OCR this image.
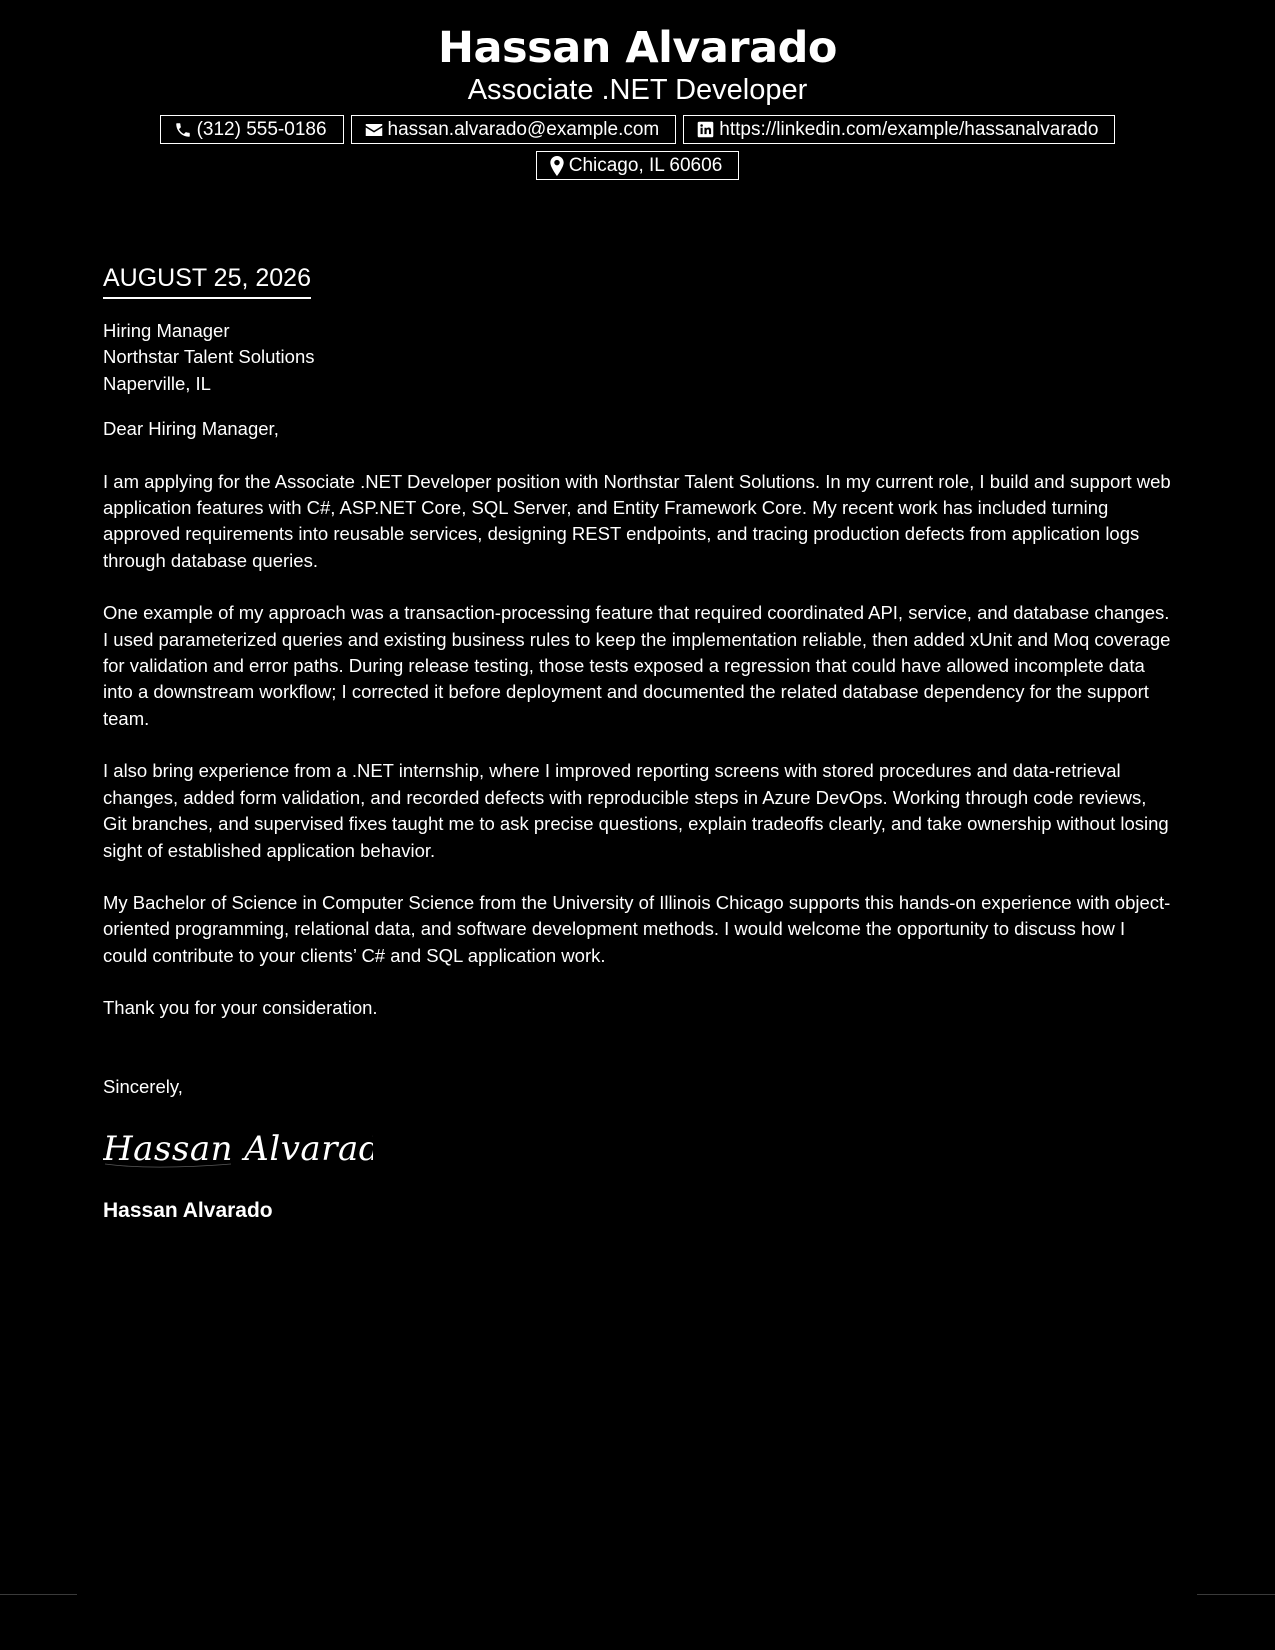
Hassan Alvarado

Associate .NET Developer

(312) 555-0186	hassan.alvarado@example.com	https://linkedin.com/example/hassanalvarado
Chicago, IL 60606
AUGUST 25, 2026

Hiring Manager

Northstar Talent Solutions

Naperville, IL

Dear Hiring Manager,

I am applying for the Associate .NET Developer position with Northstar Talent Solutions. In my current role, I build and support web application features with C#, ASP.NET Core, SQL Server, and Entity Framework Core. My recent work has included turning approved requirements into reusable services, designing REST endpoints, and tracing production defects from application logs through database queries.

One example of my approach was a transaction-processing feature that required coordinated API, service, and database changes. I used parameterized queries and existing business rules to keep the implementation reliable, then added xUnit and Moq coverage for validation and error paths. During release testing, those tests exposed a regression that could have allowed incomplete data into a downstream workflow; I corrected it before deployment and documented the related database dependency for the support team.

I also bring experience from a .NET internship, where I improved reporting screens with stored procedures and data-retrieval changes, added form validation, and recorded defects with reproducible steps in Azure DevOps. Working through code reviews, Git branches, and supervised fixes taught me to ask precise questions, explain tradeoffs clearly, and take ownership without losing sight of established application behavior.

My Bachelor of Science in Computer Science from the University of Illinois Chicago supports this hands-on experience with object-oriented programming, relational data, and software development methods. I would welcome the opportunity to discuss how I could contribute to your clients’ C# and SQL application work.

Thank you for your consideration.

Sincerely,

Hassan Alvarado

Hassan Alvarado
